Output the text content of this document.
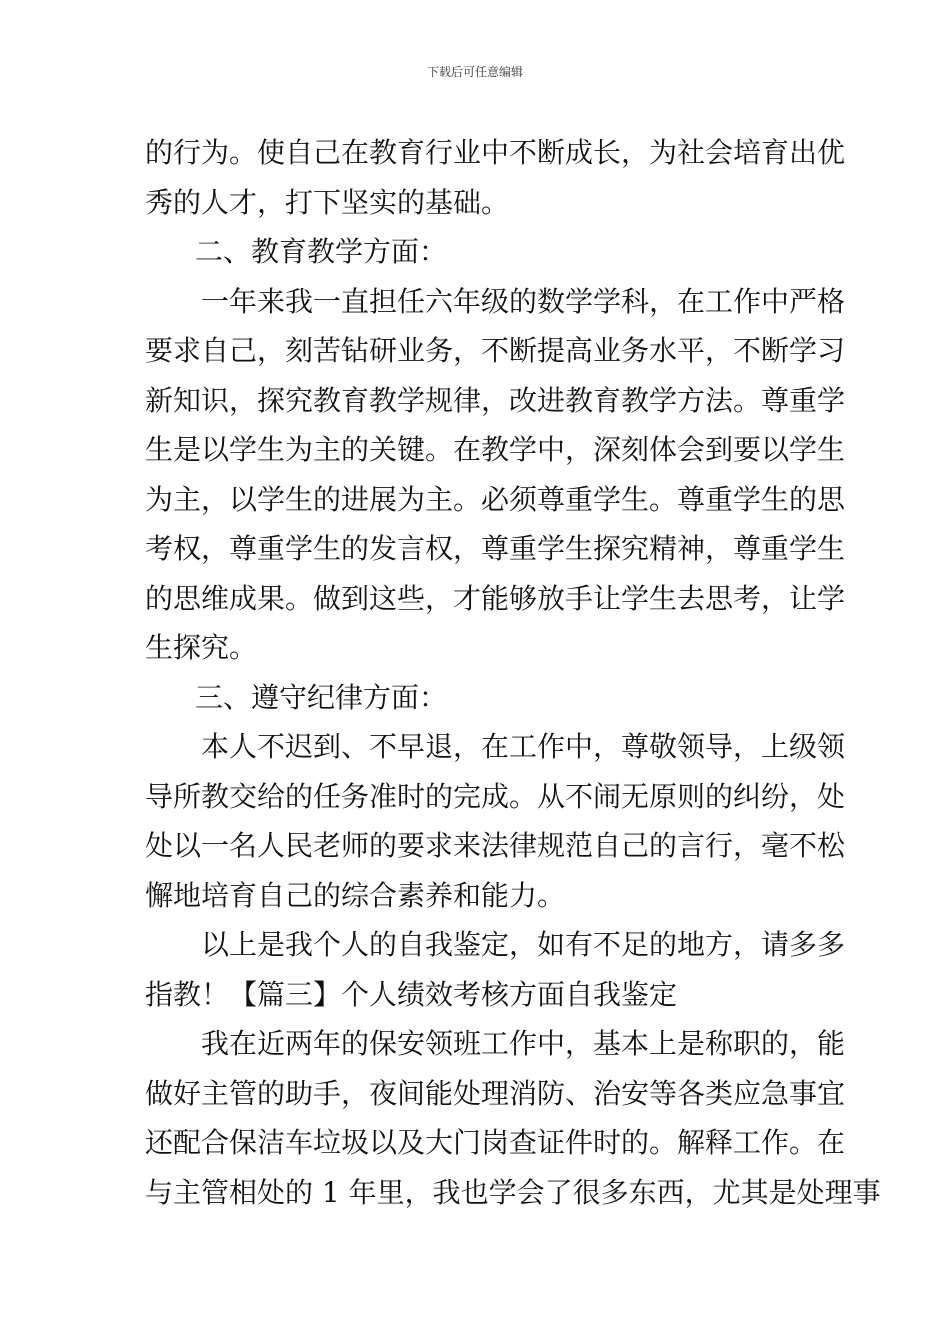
下载后可任意编辑
的行为。使自己在教育行业中不断成长，为社会培育出优
秀的人才，打下坚实的基础。
二、教育教学方面：
一年来我一直担任六年级的数学学科，在工作中严格
要求自己，刻苦钻研业务，不断提高业务水平，不断学习
新知识，探究教育教学规律，改进教育教学方法。尊重学
生是以学生为主的关键。在教学中，深刻体会到要以学生
为主，以学生的进展为主。必须尊重学生。尊重学生的思
考权，尊重学生的发言权，尊重学生探究精神，尊重学生
的思维成果。做到这些，才能够放手让学生去思考，让学
生探究。
三、遵守纪律方面：
本人不迟到、不早退，在工作中，尊敬领导，上级领
导所教交给的任务准时的完成。从不闹无原则的纠纷，处
处以一名人民老师的要求来法律规范自己的言行，毫不松
懈地培育自己的综合素养和能力。
以上是我个人的自我鉴定，如有不足的地方，请多多
指教！【篇三】个人绩效考核方面自我鉴定
我在近两年的保安领班工作中，基本上是称职的，能
做好主管的助手，夜间能处理消防、治安等各类应急事宜
还配合保洁车垃圾以及大门岗查证件时的。解释工作。在
与主管相处的 1 年里，我也学会了很多东西，尤其是处理事
